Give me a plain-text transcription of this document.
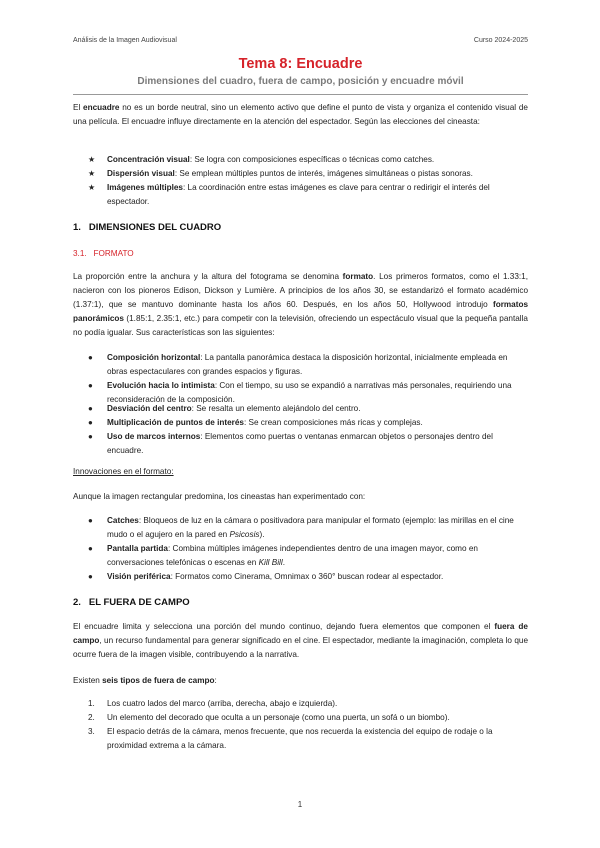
Análisis de la Imagen Audiovisual	Curso 2024-2025
Tema 8: Encuadre
Dimensiones del cuadro, fuera de campo, posición y encuadre móvil
El encuadre no es un borde neutral, sino un elemento activo que define el punto de vista y organiza el contenido visual de una película. El encuadre influye directamente en la atención del espectador. Según las elecciones del cineasta:
★ Concentración visual: Se logra con composiciones específicas o técnicas como catches.
★ Dispersión visual: Se emplean múltiples puntos de interés, imágenes simultáneas o pistas sonoras.
★ Imágenes múltiples: La coordinación entre estas imágenes es clave para centrar o redirigir el interés del espectador.
1. DIMENSIONES DEL CUADRO
3.1. FORMATO
La proporción entre la anchura y la altura del fotograma se denomina formato. Los primeros formatos, como el 1.33:1, nacieron con los pioneros Edison, Dickson y Lumière. A principios de los años 30, se estandarizó el formato académico (1.37:1), que se mantuvo dominante hasta los años 60. Después, en los años 50, Hollywood introdujo formatos panorámicos (1.85:1, 2.35:1, etc.) para competir con la televisión, ofreciendo un espectáculo visual que la pequeña pantalla no podía igualar. Sus características son las siguientes:
● Composición horizontal: La pantalla panorámica destaca la disposición horizontal, inicialmente empleada en obras espectaculares con grandes espacios y figuras.
● Evolución hacia lo intimista: Con el tiempo, su uso se expandió a narrativas más personales, requiriendo una reconsideración de la composición.
● Desviación del centro: Se resalta un elemento alejándolo del centro.
● Multiplicación de puntos de interés: Se crean composiciones más ricas y complejas.
● Uso de marcos internos: Elementos como puertas o ventanas enmarcan objetos o personajes dentro del encuadre.
Innovaciones en el formato:
Aunque la imagen rectangular predomina, los cineastas han experimentado con:
● Catches: Bloqueos de luz en la cámara o positivadora para manipular el formato (ejemplo: las mirillas en el cine mudo o el agujero en la pared en Psicosis).
● Pantalla partida: Combina múltiples imágenes independientes dentro de una imagen mayor, como en conversaciones telefónicas o escenas en Kill Bill.
● Visión periférica: Formatos como Cinerama, Omnimax o 360° buscan rodear al espectador.
2. EL FUERA DE CAMPO
El encuadre limita y selecciona una porción del mundo continuo, dejando fuera elementos que componen el fuera de campo, un recurso fundamental para generar significado en el cine. El espectador, mediante la imaginación, completa lo que ocurre fuera de la imagen visible, contribuyendo a la narrativa.
Existen seis tipos de fuera de campo:
1. Los cuatro lados del marco (arriba, derecha, abajo e izquierda).
2. Un elemento del decorado que oculta a un personaje (como una puerta, un sofá o un biombo).
3. El espacio detrás de la cámara, menos frecuente, que nos recuerda la existencia del equipo de rodaje o la proximidad extrema a la cámara.
1
